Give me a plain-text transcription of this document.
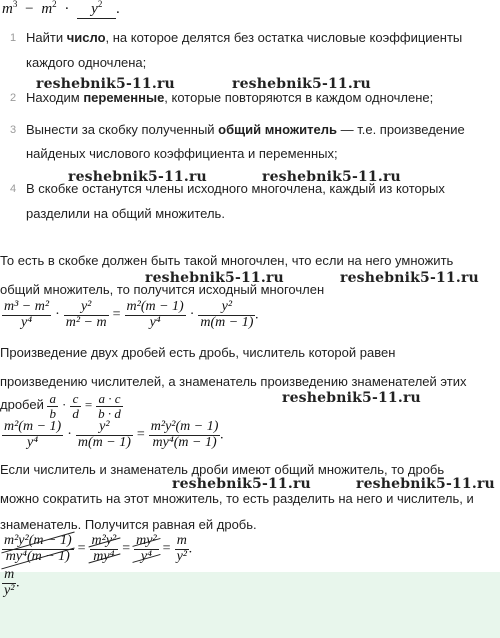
$m^3 - m^2 \cdot y^2$ .
1 Найти число, на которое делятся без остатка числовые коэффициенты
каждого одночлена;
2 Находим переменные, которые повторяются в каждом одночлене;
3 Вынести за скобку полученный общий множитель — т.е. произведение
найденых числового коэффициента и переменных;
4 В скобке останутся члены исходного многочлена, каждый из которых
разделили на общий множитель.
reshebnik5-11.ru	reshebnik5-11.ru
reshebnik5-11.ru	reshebnik5-11.ru
reshebnik5-11.ru	reshebnik5-11.ru
reshebnik5-11.ru
reshebnik5-11.ru	reshebnik5-11.ru
То есть в скобке должен быть такой многочлен, что если на него умножить
общий множитель, то получится исходный многочлен
$\frac{\text{m³ − m²}}{\text{y⁴}} \cdot \frac{\text{y²}}{\text{m² − m}} = \frac{\text{m²(m − 1)}}{\text{y⁴}} \cdot \frac{\text{y²}}{m(m - 1)}$ .
Произведение двух дробей есть дробь, числитель которой равен
произведению числителей, а знаменатель произведению знаменателей этих
дробей $\frac{a}{b} \cdot \frac{c}{d} = \frac{a \cdot c}{b \cdot d}$
$\frac{\text{m²(m − 1)}}{\text{y⁴}} \cdot \frac{\text{y²}}{m(m - 1)} = \frac{\text{m²y²(m − 1)}}{\text{my⁴(m − 1)}}$ .
Если числитель и знаменатель дроби имеют общий множитель, то дробь
можно сократить на этот множитель, то есть разделить на него и числитель, и
знаменатель. Получится равная ей дробь.
$\frac{\text{m²y²(m − 1)}}{\text{my⁴(m − 1)}} = \frac{\text{m²y²}}{\text{my⁴}} = \frac{\text{my²}}{\text{y⁴}} = \frac{m}{\text{y²}}$ .
$\frac{m}{\text{y²}}$ .
